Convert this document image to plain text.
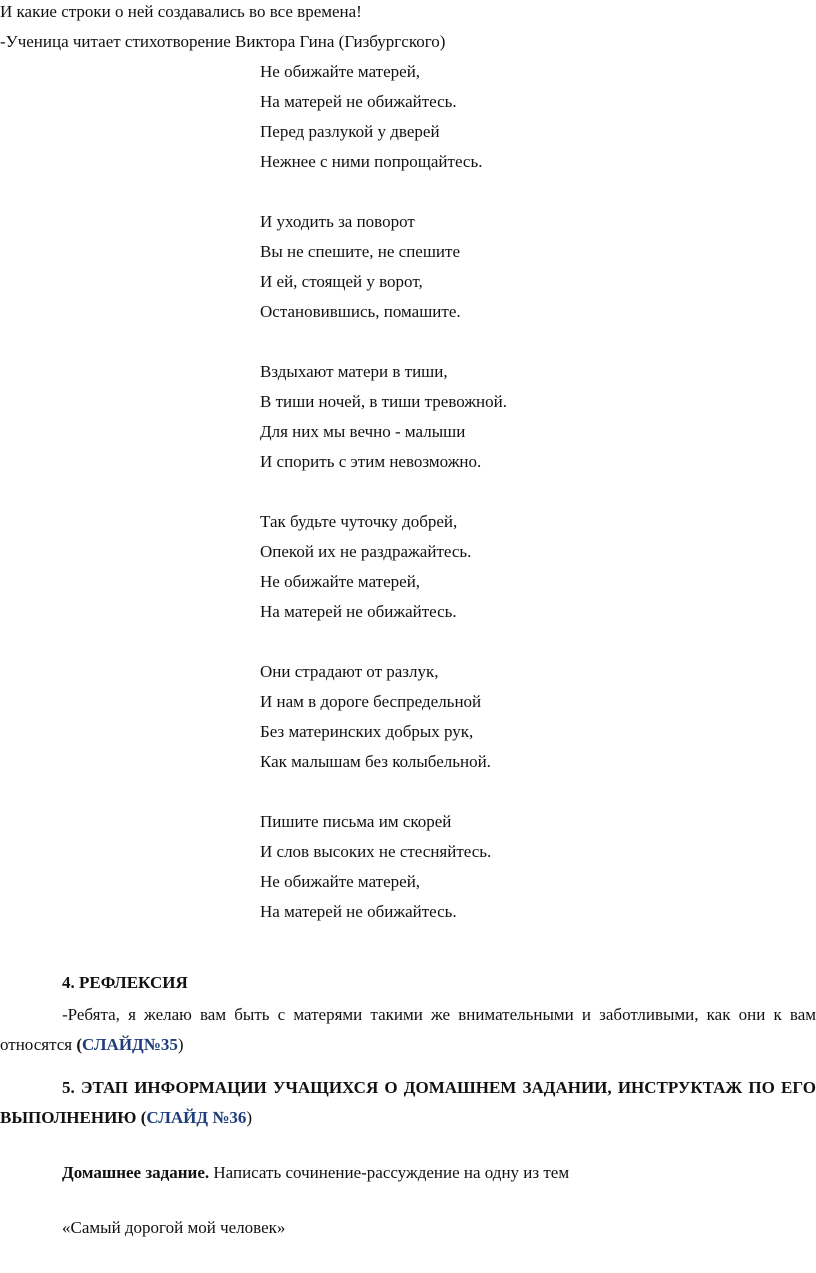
И какие строки о ней создавались во все времена!
-Ученица читает стихотворение Виктора Гина (Гизбургского)
Не обижайте матерей,
На матерей не обижайтесь.
Перед разлукой у дверей
Нежнее с ними попрощайтесь.
И уходить за поворот
Вы не спешите, не спешите
И ей, стоящей у ворот,
Остановившись, помашите.
Вздыхают матери в тиши,
В тиши ночей, в тиши тревожной.
Для них мы вечно - малыши
И спорить с этим невозможно.
Так будьте чуточку добрей,
Опекой их не раздражайтесь.
Не обижайте матерей,
На матерей не обижайтесь.
Они страдают от разлук,
И нам в дороге беспредельной
Без материнских добрых рук,
Как малышам без колыбельной.
Пишите письма им скорей
И слов высоких не стесняйтесь.
Не обижайте матерей,
На матерей не обижайтесь.
4. РЕФЛЕКСИЯ
-Ребята, я желаю вам быть с матерями такими же внимательными и заботливыми, как они к вам
относятся (СЛАЙД№35)
5. ЭТАП ИНФОРМАЦИИ УЧАЩИХСЯ О ДОМАШНЕМ ЗАДАНИИ, ИНСТРУКТАЖ ПО ЕГО
ВЫПОЛНЕНИЮ (СЛАЙД №36)
Домашнее задание. Написать сочинение-рассуждение на одну из тем
«Самый дорогой мой человек»
